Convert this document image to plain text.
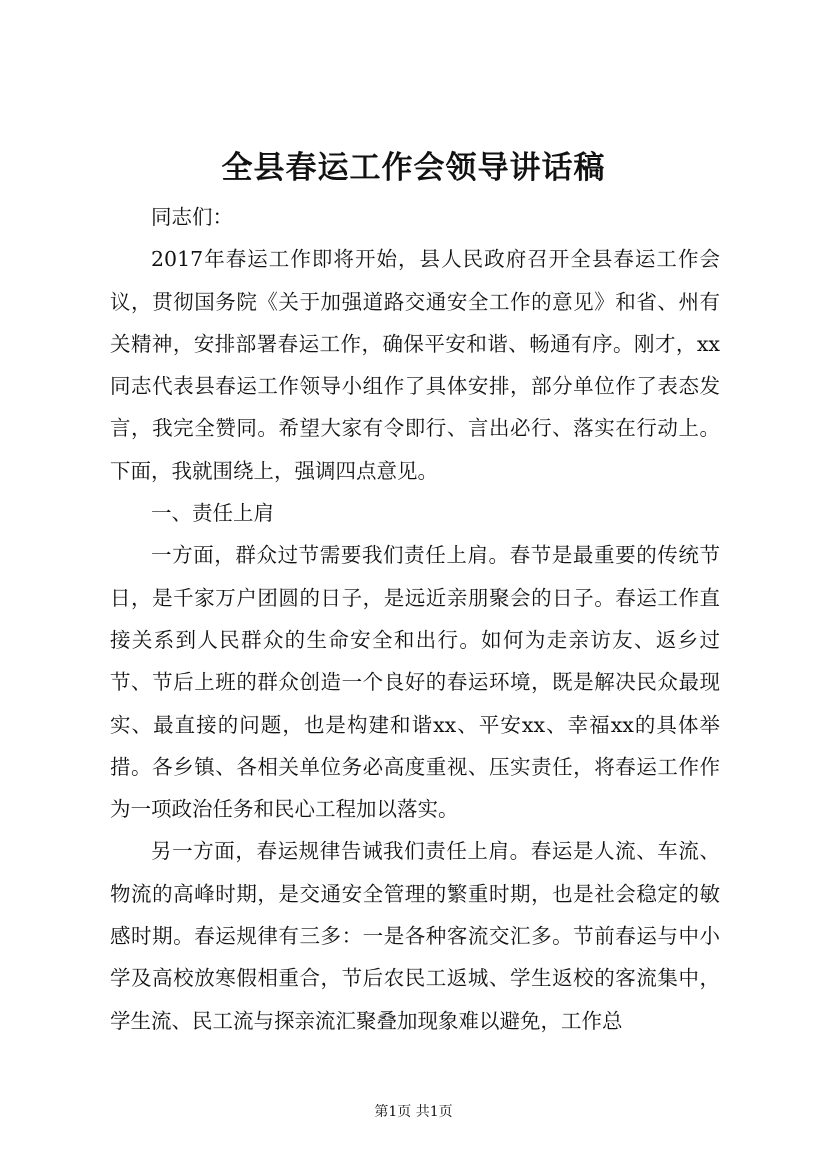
全县春运工作会领导讲话稿

同志们：

2017年春运工作即将开始，县人民政府召开全县春运工作会议，贯彻国务院《关于加强道路交通安全工作的意见》和省、州有关精神，安排部署春运工作，确保平安和谐、畅通有序。刚才，xx同志代表县春运工作领导小组作了具体安排，部分单位作了表态发言，我完全赞同。希望大家有令即行、言出必行、落实在行动上。下面，我就围绕上，强调四点意见。

一、责任上肩

一方面，群众过节需要我们责任上肩。春节是最重要的传统节日，是千家万户团圆的日子，是远近亲朋聚会的日子。春运工作直接关系到人民群众的生命安全和出行。如何为走亲访友、返乡过节、节后上班的群众创造一个良好的春运环境，既是解决民众最现实、最直接的问题，也是构建和谐xx、平安xx、幸福xx的具体举措。各乡镇、各相关单位务必高度重视、压实责任，将春运工作作为一项政治任务和民心工程加以落实。

另一方面，春运规律告诫我们责任上肩。春运是人流、车流、物流的高峰时期，是交通安全管理的繁重时期，也是社会稳定的敏感时期。春运规律有三多：一是各种客流交汇多。节前春运与中小学及高校放寒假相重合，节后农民工返城、学生返校的客流集中，学生流、民工流与探亲流汇聚叠加现象难以避免，工作总

第1页 共1页
